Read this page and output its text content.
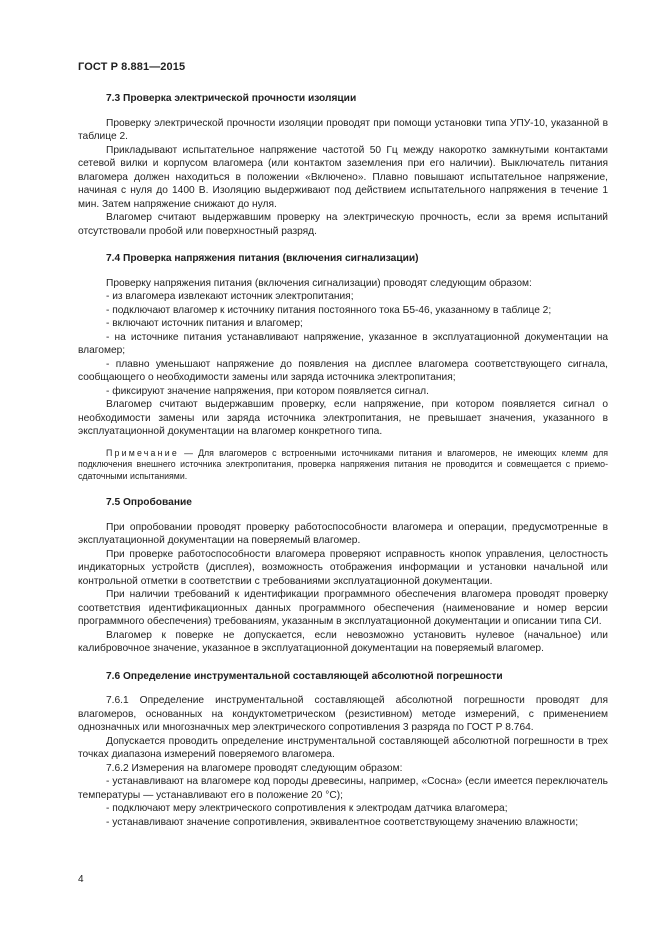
ГОСТ Р 8.881—2015

7.3 Проверка электрической прочности изоляции

Проверку электрической прочности изоляции проводят при помощи установки типа УПУ-10, указанной в таблице 2.

Прикладывают испытательное напряжение частотой 50 Гц между накоротко замкнутыми контактами сетевой вилки и корпусом влагомера (или контактом заземления при его наличии). Выключатель питания влагомера должен находиться в положении «Включено». Плавно повышают испытательное напряжение, начиная с нуля до 1400 В. Изоляцию выдерживают под действием испытательного напряжения в течение 1 мин. Затем напряжение снижают до нуля.

Влагомер считают выдержавшим проверку на электрическую прочность, если за время испытаний отсутствовали пробой или поверхностный разряд.

7.4 Проверка напряжения питания (включения сигнализации)

Проверку напряжения питания (включения сигнализации) проводят следующим образом:

- из влагомера извлекают источник электропитания;

- подключают влагомер к источнику питания постоянного тока Б5-46, указанному в таблице 2;

- включают источник питания и влагомер;

- на источнике питания устанавливают напряжение, указанное в эксплуатационной документации на влагомер;

- плавно уменьшают напряжение до появления на дисплее влагомера соответствующего сигнала, сообщающего о необходимости замены или заряда источника электропитания;

- фиксируют значение напряжения, при котором появляется сигнал.

Влагомер считают выдержавшим проверку, если напряжение, при котором появляется сигнал о необходимости замены или заряда источника электропитания, не превышает значения, указанного в эксплуатационной документации на влагомер конкретного типа.

Примечание — Для влагомеров с встроенными источниками питания и влагомеров, не имеющих клемм для подключения внешнего источника электропитания, проверка напряжения питания не проводится и совмещается с приемо-сдаточными испытаниями.

7.5 Опробование

При опробовании проводят проверку работоспособности влагомера и операции, предусмотренные в эксплуатационной документации на поверяемый влагомер.

При проверке работоспособности влагомера проверяют исправность кнопок управления, целостность индикаторных устройств (дисплея), возможность отображения информации и установки начальной или контрольной отметки в соответствии с требованиями эксплуатационной документации.

При наличии требований к идентификации программного обеспечения влагомера проводят проверку соответствия идентификационных данных программного обеспечения (наименование и номер версии программного обеспечения) требованиям, указанным в эксплуатационной документации и описании типа СИ.

Влагомер к поверке не допускается, если невозможно установить нулевое (начальное) или калибровочное значение, указанное в эксплуатационной документации на поверяемый влагомер.

7.6 Определение инструментальной составляющей абсолютной погрешности

7.6.1 Определение инструментальной составляющей абсолютной погрешности проводят для влагомеров, основанных на кондуктометрическом (резистивном) методе измерений, с применением однозначных или многозначных мер электрического сопротивления 3 разряда по ГОСТ Р 8.764.

Допускается проводить определение инструментальной составляющей абсолютной погрешности в трех точках диапазона измерений поверяемого влагомера.

7.6.2 Измерения на влагомере проводят следующим образом:

- устанавливают на влагомере код породы древесины, например, «Сосна» (если имеется переключатель температуры — устанавливают его в положение 20 °С);

- подключают меру электрического сопротивления к электродам датчика влагомера;

- устанавливают значение сопротивления, эквивалентное соответствующему значению влажности;

4
